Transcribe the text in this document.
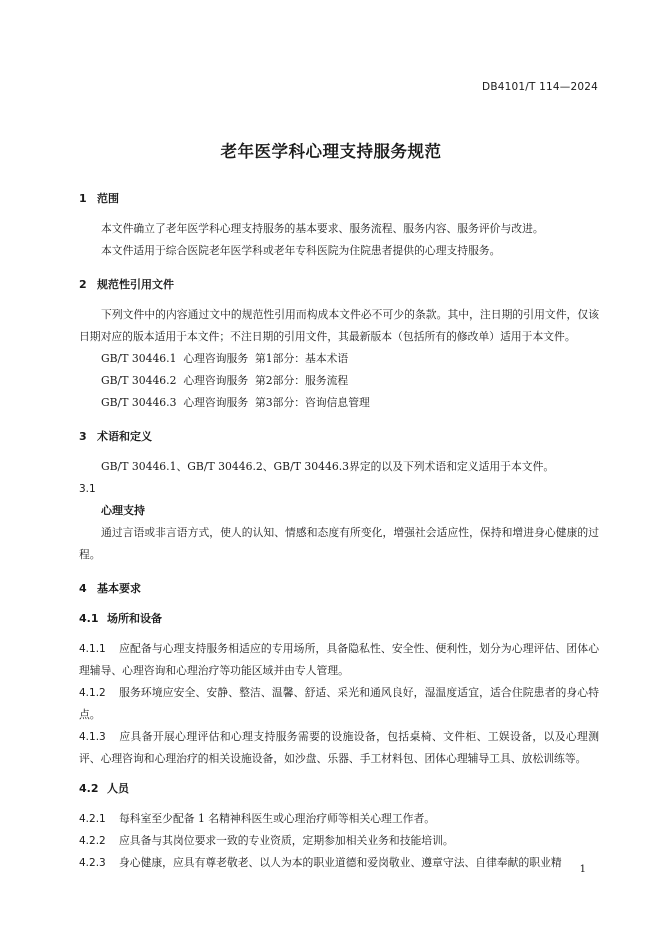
DB4101/T 114—2024
老年医学科心理支持服务规范
1 范围
本文件确立了老年医学科心理支持服务的基本要求、服务流程、服务内容、服务评价与改进。
本文件适用于综合医院老年医学科或老年专科医院为住院患者提供的心理支持服务。
2 规范性引用文件
下列文件中的内容通过文中的规范性引用而构成本文件必不可少的条款。其中，注日期的引用文件，仅该日期对应的版本适用于本文件；不注日期的引用文件，其最新版本（包括所有的修改单）适用于本文件。
GB/T 30446.1  心理咨询服务  第1部分：基本术语
GB/T 30446.2  心理咨询服务  第2部分：服务流程
GB/T 30446.3  心理咨询服务  第3部分：咨询信息管理
3 术语和定义
GB/T 30446.1、GB/T 30446.2、GB/T 30446.3界定的以及下列术语和定义适用于本文件。
3.1
心理支持
通过言语或非言语方式，使人的认知、情感和态度有所变化，增强社会适应性，保持和增进身心健康的过程。
4 基本要求
4.1 场所和设备
4.1.1 应配备与心理支持服务相适应的专用场所，具备隐私性、安全性、便利性，划分为心理评估、团体心理辅导、心理咨询和心理治疗等功能区域并由专人管理。
4.1.2 服务环境应安全、安静、整洁、温馨、舒适、采光和通风良好，湿温度适宜，适合住院患者的身心特点。
4.1.3 应具备开展心理评估和心理支持服务需要的设施设备，包括桌椅、文件柜、工娱设备，以及心理测评、心理咨询和心理治疗的相关设施设备，如沙盘、乐器、手工材料包、团体心理辅导工具、放松训练等。
4.2 人员
4.2.1 每科室至少配备 1 名精神科医生或心理治疗师等相关心理工作者。
4.2.2 应具备与其岗位要求一致的专业资质，定期参加相关业务和技能培训。
4.2.3 身心健康，应具有尊老敬老、以人为本的职业道德和爱岗敬业、遵章守法、自律奉献的职业精
1
